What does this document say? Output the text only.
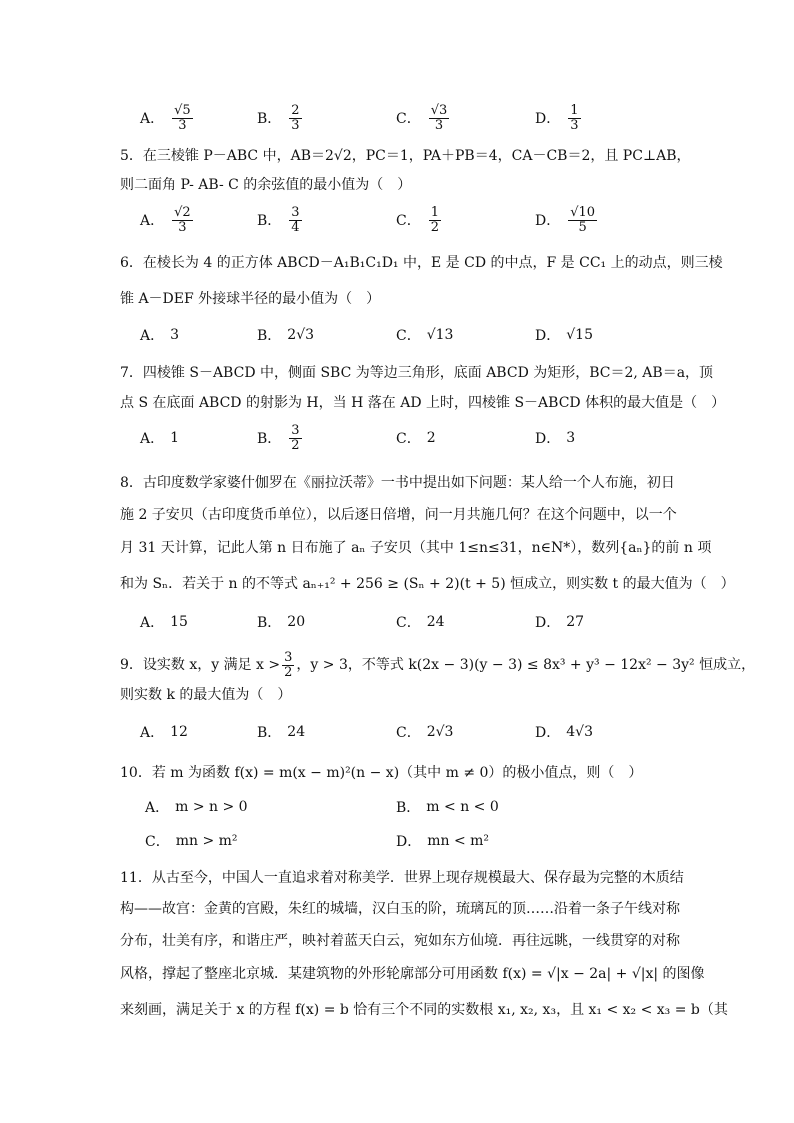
A． $\frac{√5}{3}$	B． $\frac{2}{3}$	C． $\frac{√3}{3}$	D． $\frac{1}{3}$
5．在三棱锥 P－ABC 中，AB＝2√2，PC＝1，PA＋PB＝4，CA－CB＝2，且 PC⊥AB，
则二面角 P- AB- C 的余弦值的最小值为（　）
A． $\frac{√2}{3}$	B． $\frac{3}{4}$	C． $\frac{1}{2}$	D． $\frac{√10}{5}$
6．在棱长为 4 的正方体 ABCD－A₁B₁C₁D₁ 中，E 是 CD 的中点，F 是 CC₁ 上的动点，则三棱
锥 A－DEF 外接球半径的最小值为（　）
A． 3	B． 2√3	C． √13	D． √15
7．四棱锥 S－ABCD 中，侧面 SBC 为等边三角形，底面 ABCD 为矩形，BC＝2, AB＝a，顶
点 S 在底面 ABCD 的射影为 H，当 H 落在 AD 上时，四棱锥 S－ABCD 体积的最大值是（　）
A． 1	B． $\frac{3}{2}$	C． 2	D． 3
8．古印度数学家婆什伽罗在《丽拉沃蒂》一书中提出如下问题：某人给一个人布施，初日
施 2 子安贝（古印度货币单位），以后逐日倍增，问一月共施几何？在这个问题中，以一个
月 31 天计算，记此人第 n 日布施了 aₙ 子安贝（其中 1≤n≤31，n∈N*），数列{aₙ}的前 n 项
和为 Sₙ．若关于 n 的不等式 aₙ₊₁² + 256 ≥ (Sₙ + 2)(t + 5) 恒成立，则实数 t 的最大值为（　）
A． 15	B． 20	C． 24	D． 27
9．设实数 x，y 满足 $x > \frac{3}{2}$ ，y > 3，不等式 k(2x − 3)(y − 3) ≤ 8x³ + y³ − 12x² − 3y² 恒成立，
则实数 k 的最大值为（　）
A． 12	B． 24	C． 2√3	D． 4√3
10．若 m 为函数 f(x) = m(x − m)²(n − x)（其中 m ≠ 0）的极小值点，则（　）
A． m > n > 0	B． m < n < 0
C． mn > m²	D． mn < m²
11．从古至今，中国人一直追求着对称美学．世界上现存规模最大、保存最为完整的木质结
构——故宫：金黄的宫殿，朱红的城墙，汉白玉的阶，琉璃瓦的顶……沿着一条子午线对称
分布，壮美有序，和谐庄严，映衬着蓝天白云，宛如东方仙境．再往远眺，一线贯穿的对称
风格，撑起了整座北京城．某建筑物的外形轮廓部分可用函数 f(x) = √|x − 2a| + √|x| 的图像
来刻画，满足关于 x 的方程 f(x) = b 恰有三个不同的实数根 x₁, x₂, x₃，且 x₁ < x₂ < x₃ = b（其
